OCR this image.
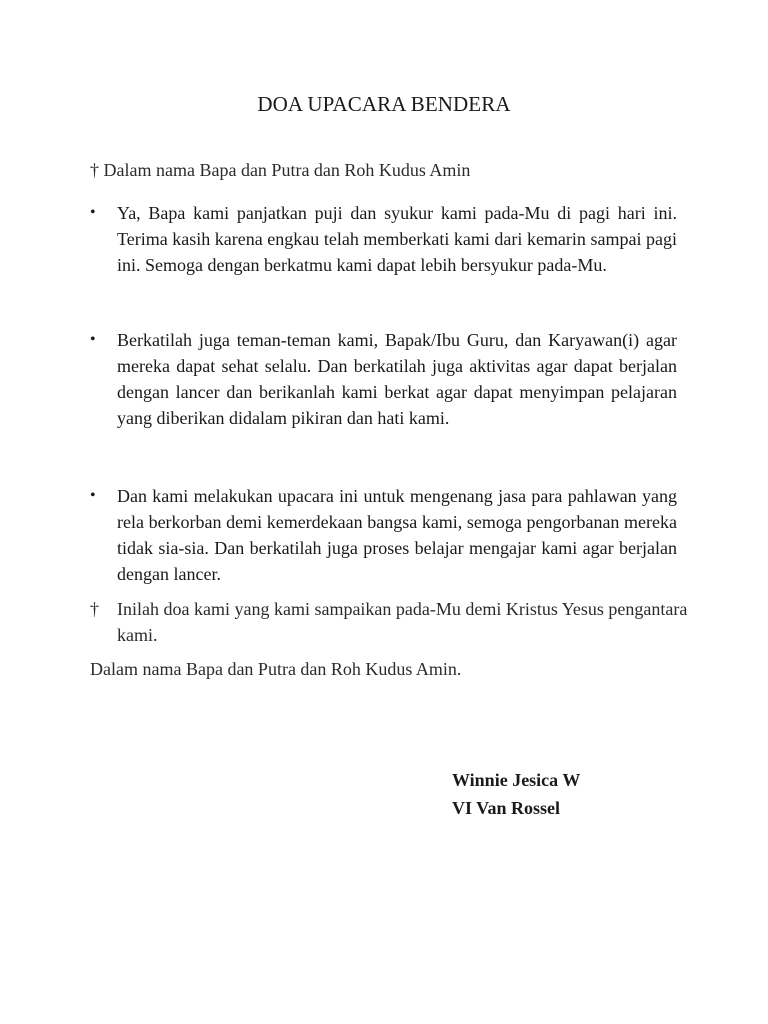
DOA UPACARA BENDERA
† Dalam nama Bapa dan Putra dan Roh Kudus Amin
•	Ya, Bapa kami panjatkan puji dan syukur kami pada-Mu di pagi hari ini. Terima kasih karena engkau telah memberkati kami dari kemarin sampai pagi ini. Semoga dengan berkatmu kami dapat lebih bersyukur pada-Mu.
•	Berkatilah juga teman-teman kami, Bapak/Ibu Guru, dan Karyawan(i) agar mereka dapat sehat selalu. Dan berkatilah juga aktivitas agar dapat berjalan dengan lancer dan berikanlah kami berkat agar dapat menyimpan pelajaran yang diberikan didalam pikiran dan hati kami.
•	Dan kami melakukan upacara ini untuk mengenang jasa para pahlawan yang rela berkorban demi kemerdekaan bangsa kami, semoga pengorbanan mereka tidak sia-sia. Dan berkatilah juga proses belajar mengajar kami agar berjalan dengan lancer.
† Inilah doa kami yang kami sampaikan pada-Mu demi Kristus Yesus pengantara kami.
Dalam nama Bapa dan Putra dan Roh Kudus Amin.
Winnie Jesica W
VI Van Rossel
